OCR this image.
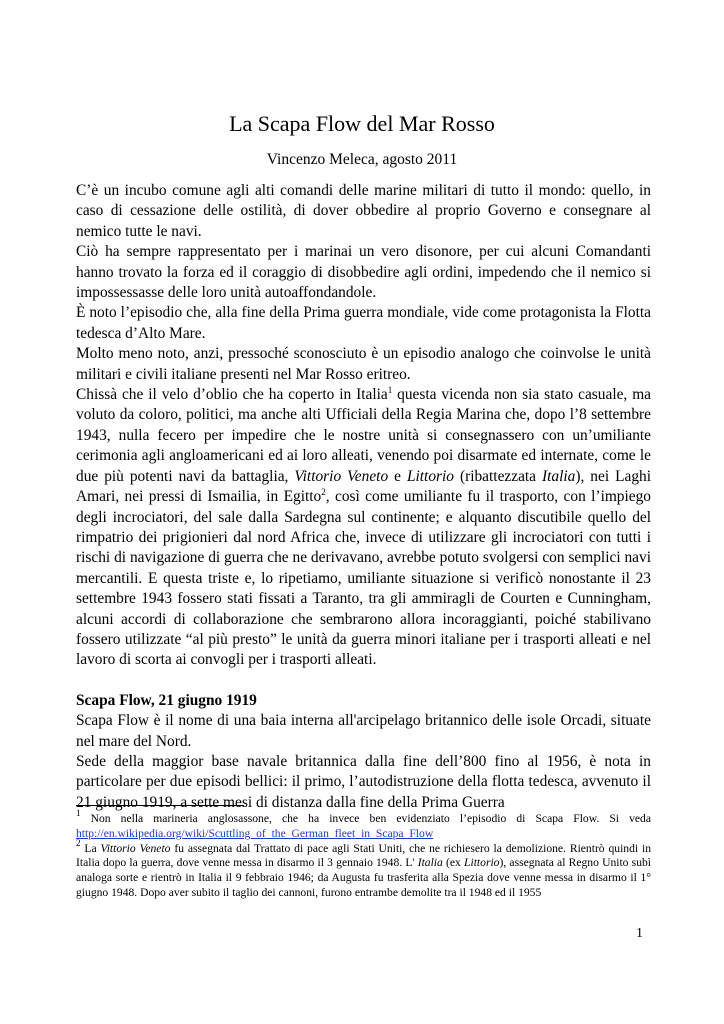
La Scapa Flow del Mar Rosso
Vincenzo Meleca, agosto 2011

C’è un incubo comune agli alti comandi delle marine militari di tutto il mondo: quello, in caso di cessazione delle ostilità, di dover obbedire al proprio Governo e consegnare al nemico tutte le navi.

Ciò ha sempre rappresentato per i marinai un vero disonore, per cui alcuni Comandanti hanno trovato la forza ed il coraggio di disobbedire agli ordini, impedendo che il nemico si impossessasse delle loro unità autoaffondandole.

È noto l’episodio che, alla fine della Prima guerra mondiale, vide come protagonista la Flotta tedesca d’Alto Mare.

Molto meno noto, anzi, pressoché sconosciuto è un episodio analogo che coinvolse le unità militari e civili italiane presenti nel Mar Rosso eritreo.

Chissà che il velo d’oblio che ha coperto in Italia$^1$ questa vicenda non sia stato casuale, ma voluto da coloro, politici, ma anche alti Ufficiali della Regia Marina che, dopo l’8 settembre 1943, nulla fecero per impedire che le nostre unità si consegnassero con un’umiliante cerimonia agli angloamericani ed ai loro alleati, venendo poi disarmate ed internate, come le due più potenti navi da battaglia, Vittorio Veneto e Littorio (ribattezzata Italia), nei Laghi Amari, nei pressi di Ismailia, in Egitto$^2$, così come umiliante fu il trasporto, con l’impiego degli incrociatori, del sale dalla Sardegna sul continente; e alquanto discutibile quello del rimpatrio dei prigionieri dal nord Africa che, invece di utilizzare gli incrociatori con tutti i rischi di navigazione di guerra che ne derivavano, avrebbe potuto svolgersi con semplici navi mercantili. E questa triste e, lo ripetiamo, umiliante situazione si verificò nonostante il 23 settembre 1943 fossero stati fissati a Taranto, tra gli ammiragli de Courten e Cunningham, alcuni accordi di collaborazione che sembrarono allora incoraggianti, poiché stabilivano fossero utilizzate “al più presto” le unità da guerra minori italiane per i trasporti alleati e nel lavoro di scorta ai convogli per i trasporti alleati.

Scapa Flow, 21 giugno 1919

Scapa Flow è il nome di una baia interna all'arcipelago britannico delle isole Orcadi, situate nel mare del Nord.

Sede della maggior base navale britannica dalla fine dell’800 fino al 1956, è nota in particolare per due episodi bellici: il primo, l’autodistruzione della flotta tedesca, avvenuto il 21 giugno 1919, a sette mesi di distanza dalla fine della Prima Guerra

$^1$ Non nella marineria anglosassone, che ha invece ben evidenziato l’episodio di Scapa Flow. Si veda http://en.wikipedia.org/wiki/Scuttling_of_the_German_fleet_in_Scapa_Flow

$^2$ La Vittorio Veneto fu assegnata dal Trattato di pace agli Stati Uniti, che ne richiesero la demolizione. Rientrò quindi in Italia dopo la guerra, dove venne messa in disarmo il 3 gennaio 1948. L' Italia (ex Littorio), assegnata al Regno Unito subì analoga sorte e rientrò in Italia il 9 febbraio 1946; da Augusta fu trasferita alla Spezia dove venne messa in disarmo il 1° giugno 1948. Dopo aver subito il taglio dei cannoni, furono entrambe demolite tra il 1948 ed il 1955

1
